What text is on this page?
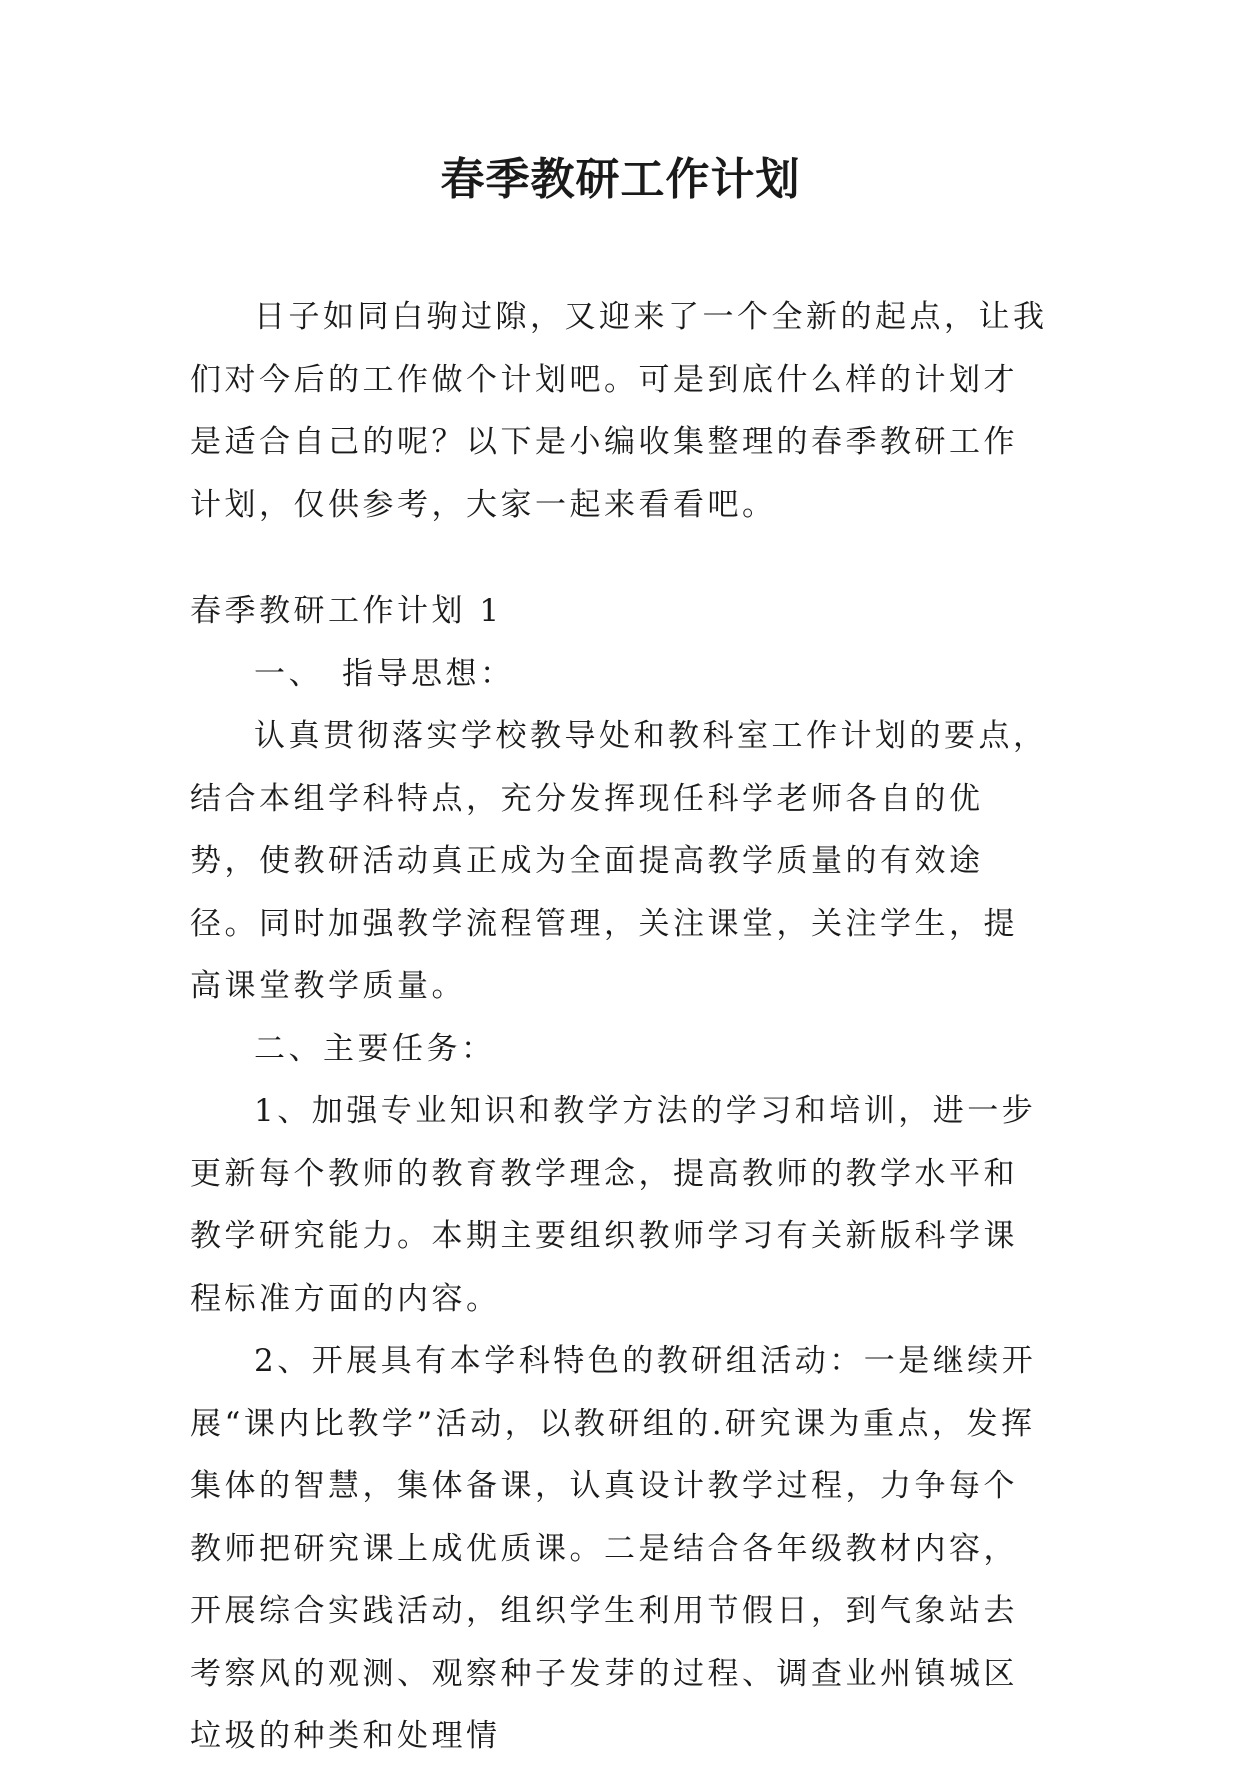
春季教研工作计划

日子如同白驹过隙，又迎来了一个全新的起点，让我们对今后的工作做个计划吧。可是到底什么样的计划才是适合自己的呢？以下是小编收集整理的春季教研工作计划，仅供参考，大家一起来看看吧。

春季教研工作计划 1

一、　指导思想：

认真贯彻落实学校教导处和教科室工作计划的要点，结合本组学科特点，充分发挥现任科学老师各自的优势，使教研活动真正成为全面提高教学质量的有效途径。同时加强教学流程管理，关注课堂，关注学生，提高课堂教学质量。

二、主要任务：

1、加强专业知识和教学方法的学习和培训，进一步更新每个教师的教育教学理念，提高教师的教学水平和教学研究能力。本期主要组织教师学习有关新版科学课程标准方面的内容。

2、开展具有本学科特色的教研组活动：一是继续开展“课内比教学”活动，以教研组的.研究课为重点，发挥集体的智慧，集体备课，认真设计教学过程，力争每个教师把研究课上成优质课。二是结合各年级教材内容，开展综合实践活动，组织学生利用节假日，到气象站去考察风的观测、观察种子发芽的过程、调查业州镇城区垃圾的种类和处理情
